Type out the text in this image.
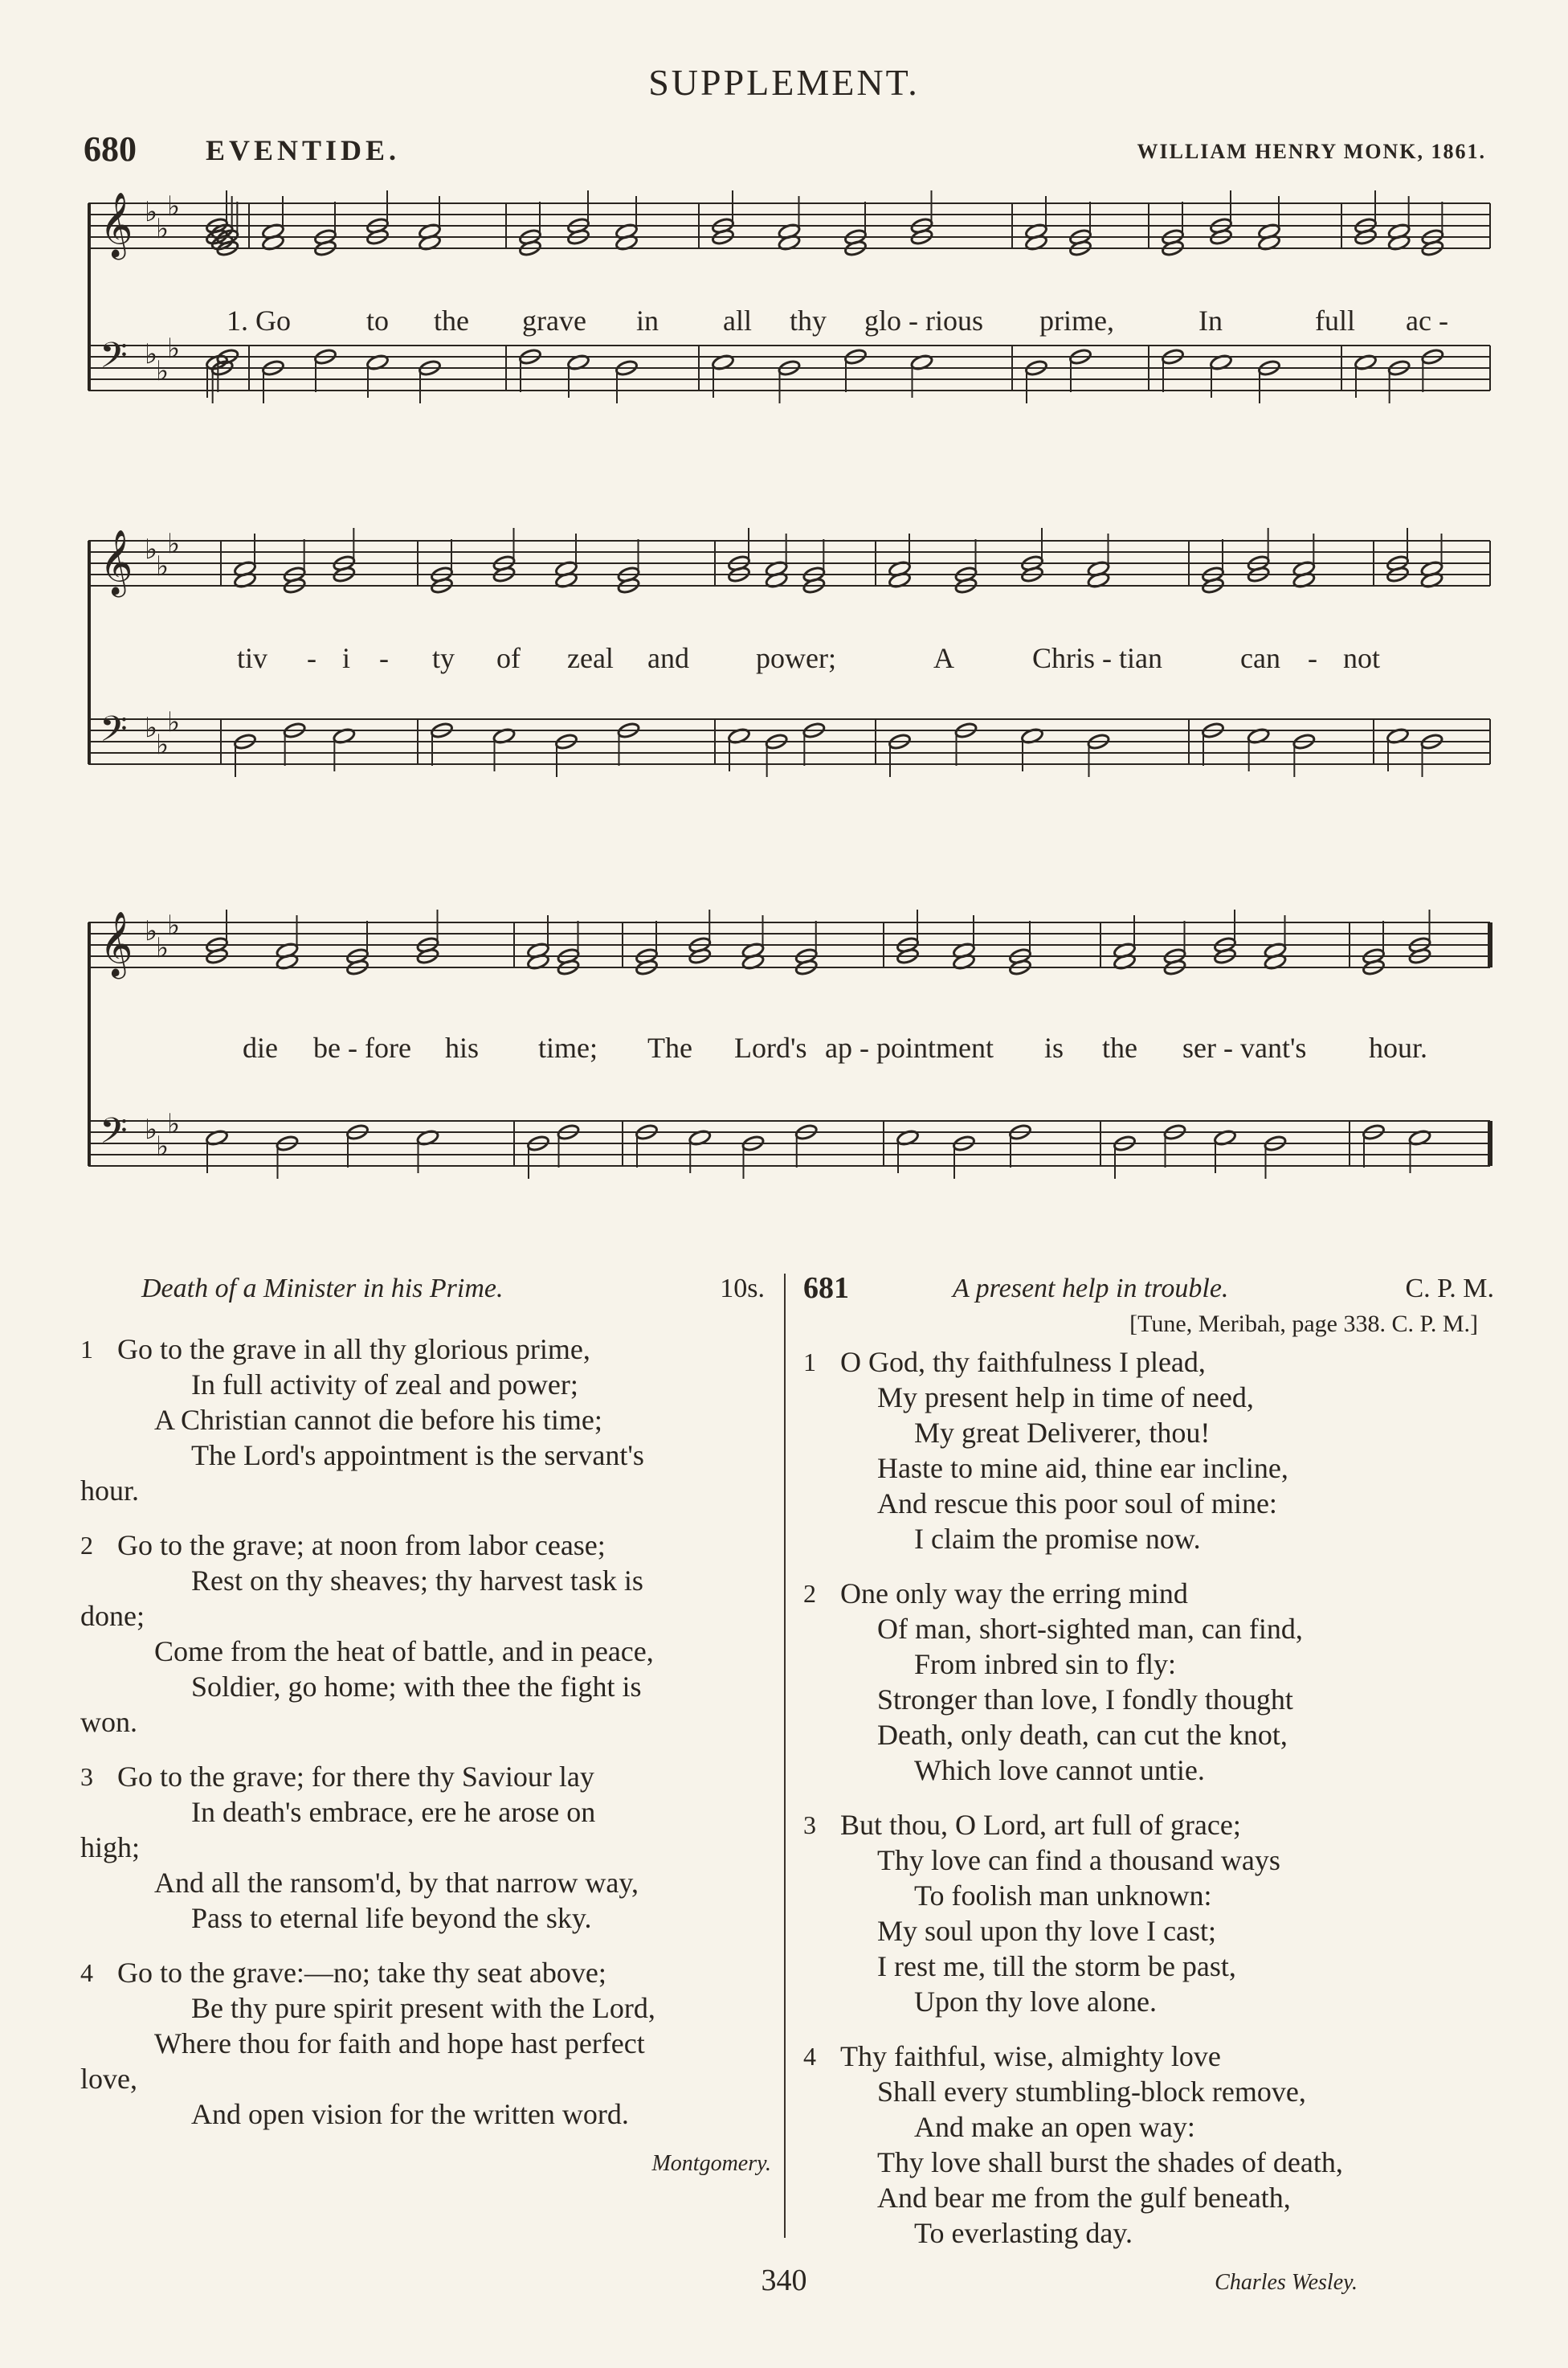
SUPPLEMENT.
680 EVENTIDE.	WILLIAM HENRY MONK, 1861.
𝄞 ♭
♭
♭
𝄢 ♭
♭
♭
1. Go	to the grave in all thy glo - rious prime,	In	full ac -
𝄞 ♭
♭
♭
𝄢 ♭
♭
♭
tiv - i - ty of zeal and power;	A	Chris - tian	can - not
𝄞 ♭
♭
♭
𝄢 ♭
♭
♭
die be - fore his time; The Lord's ap - pointment is the ser - vant's hour.
Death of a Minister in his Prime.	10s.
1 Go to the grave in all thy glorious prime,
In full activity of zeal and power;
A Christian cannot die before his time;
The Lord's appointment is the servant's
hour.
2 Go to the grave; at noon from labor cease;
Rest on thy sheaves; thy harvest task is
done;
Come from the heat of battle, and in peace,
Soldier, go home; with thee the fight is
won.
3 Go to the grave; for there thy Saviour lay
In death's embrace, ere he arose on
high;
And all the ransom'd, by that narrow way,
Pass to eternal life beyond the sky.
4 Go to the grave:—no; take thy seat above;
Be thy pure spirit present with the Lord,
Where thou for faith and hope hast perfect
love,
And open vision for the written word.
Montgomery.
681	A present help in trouble.	C. P. M.
[Tune, Meribah, page 338. C. P. M.]
1 O God, thy faithfulness I plead,
My present help in time of need,
My great Deliverer, thou!
Haste to mine aid, thine ear incline,
And rescue this poor soul of mine:
I claim the promise now.
2 One only way the erring mind
Of man, short-sighted man, can find,
From inbred sin to fly:
Stronger than love, I fondly thought
Death, only death, can cut the knot,
Which love cannot untie.
3 But thou, O Lord, art full of grace;
Thy love can find a thousand ways
To foolish man unknown:
My soul upon thy love I cast;
I rest me, till the storm be past,
Upon thy love alone.
4 Thy faithful, wise, almighty love
Shall every stumbling-block remove,
And make an open way:
Thy love shall burst the shades of death,
And bear me from the gulf beneath,
To everlasting day.
Charles Wesley.
340
